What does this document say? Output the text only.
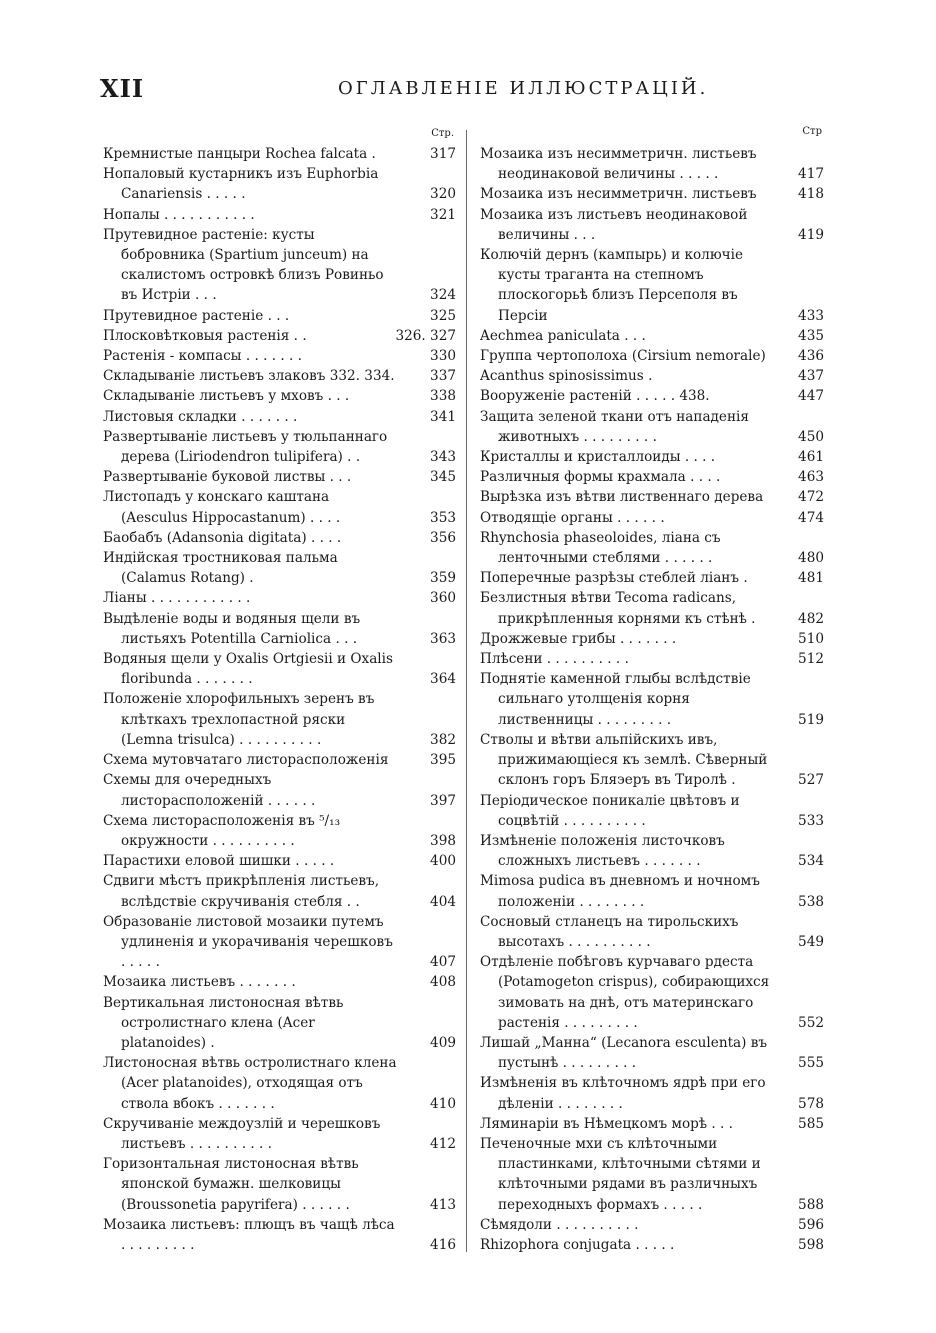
XII	ОГЛАВЛЕНІЕ ИЛЛЮСТРАЦІЙ.
Стр.
Кремнистые панцыри Rochea falcata .	317
Нопаловый кустарникъ изъ Euphorbia Canariensis . . . . .	320
Нопалы . . . . . . . . . . .	321
Прутевидное растеніе: кусты бобровника (Spartium junceum) на скалистомъ островкѣ близъ Ровиньо въ Истріи . . .	324
Прутевидное растеніе . . .	325
Плосковѣтковыя растенія . .	326. 327
Растенія - компасы . . . . . . .	330
Складываніе листьевъ злаковъ 332. 334.	337
Складываніе листьевъ у мховъ . . .	338
Листовыя складки . . . . . . .	341
Развертываніе листьевъ у тюльпаннаго дерева (Liriodendron tulipifera) . .	343
Развертываніе буковой листвы . . .	345
Листопадъ у конскаго каштана (Aesculus Hippocastanum) . . . .	353
Баобабъ (Adansonia digitata) . . . .	356
Индійская тростниковая пальма (Calamus Rotang) .	359
Ліаны . . . . . . . . . . . .	360
Выдѣленіе воды и водяныя щели въ листьяхъ Potentilla Carniolica . . .	363
Водяныя щели у Oxalis Ortgiesii и Oxalis floribunda . . . . . . .	364
Положеніе хлорофильныхъ зеренъ въ клѣткахъ трехлопастной ряски (Lemna trisulca) . . . . . . . . . .	382
Схема мутовчатаго листорасположенія	395
Схемы для очередныхъ листорасположеній . . . . . .	397
Схема листорасположенія въ ⁵/₁₃ окружности . . . . . . . . . .	398
Парастихи еловой шишки . . . . .	400
Сдвиги мѣстъ прикрѣпленія листьевъ, вслѣдствіе скручиванія стебля . .	404
Образованіе листовой мозаики путемъ удлиненія и укорачиванія черешковъ . . . . .	407
Мозаика листьевъ . . . . . . .	408
Вертикальная листоносная вѣтвь остролистнаго клена (Acer platanoides) .	409
Листоносная вѣтвь остролистнаго клена (Acer platanoides), отходящая отъ ствола вбокъ . . . . . . .	410
Скручиваніе междоузлій и черешковъ листьевъ . . . . . . . . . .	412
Горизонтальная листоносная вѣтвь японской бумажн. шелковицы (Broussonetia papyrifera) . . . . . .	413
Мозаика листьевъ: плющъ въ чащѣ лѣса . . . . . . . . .	416
Стр
Мозаика изъ несимметричн. листьевъ неодинаковой величины . . . . .	417
Мозаика изъ несимметричн. листьевъ	418
Мозаика изъ листьевъ неодинаковой величины . . .	419
Колючій дернъ (кампырь) и колючіе кусты траганта на степномъ плоскогорьѣ близъ Персеполя въ Персіи	433
Aechmea paniculata . . .	435
Группа чертополоха (Cirsium nemorale) 436
Acanthus spinosissimus .	437
Вооруженіе растеній . . . . . 438.	447
Защита зеленой ткани отъ нападенія животныхъ . . . . . . . . .	450
Кристаллы и кристаллоиды . . . .	461
Различныя формы крахмала . . . .	463
Вырѣзка изъ вѣтви лиственнаго дерева	472
Отводящіе органы . . . . . .	474
Rhynchosia phaseoloides, ліана съ ленточными стеблями . . . . . .	480
Поперечные разрѣзы стеблей ліанъ .	481
Безлистныя вѣтви Tecoma radicans, прикрѣпленныя корнями къ стѣнѣ .	482
Дрожжевые грибы . . . . . . .	510
Плѣсени . . . . . . . . . .	512
Поднятіе каменной глыбы вслѣдствіе сильнаго утолщенія корня лиственницы . . . . . . . . .	519
Стволы и вѣтви альпійскихъ ивъ, прижимающіеся къ землѣ. Сѣверный склонъ горъ Бляэеръ въ Тиролѣ .	527
Періодическое поникаліе цвѣтовъ и соцвѣтій . . . . . . . . . .	533
Измѣненіе положенія листочковъ сложныхъ листьевъ . . . . . . .	534
Mimosa pudica въ дневномъ и ночномъ положеніи . . . . . . . .	538
Сосновый стланецъ на тирольскихъ высотахъ . . . . . . . . . .	549
Отдѣленіе побѣговъ курчаваго рдеста (Potamogeton crispus), собирающихся зимовать на днѣ, отъ материнскаго растенія . . . . . . . . .	552
Лишай „Манна“ (Lecanora esculenta) въ пустынѣ . . . . . . . . .	555
Измѣненія въ клѣточномъ ядрѣ при его дѣленіи . . . . . . . .	578
Ляминаріи въ Нѣмецкомъ морѣ . . .	585
Печеночные мхи съ клѣточными пластинками, клѣточными сѣтями и клѣточными рядами въ различныхъ переходныхъ формахъ . . . . .	588
Сѣмядоли . . . . . . . . . .	596
Rhizophora conjugata . . . . .	598
